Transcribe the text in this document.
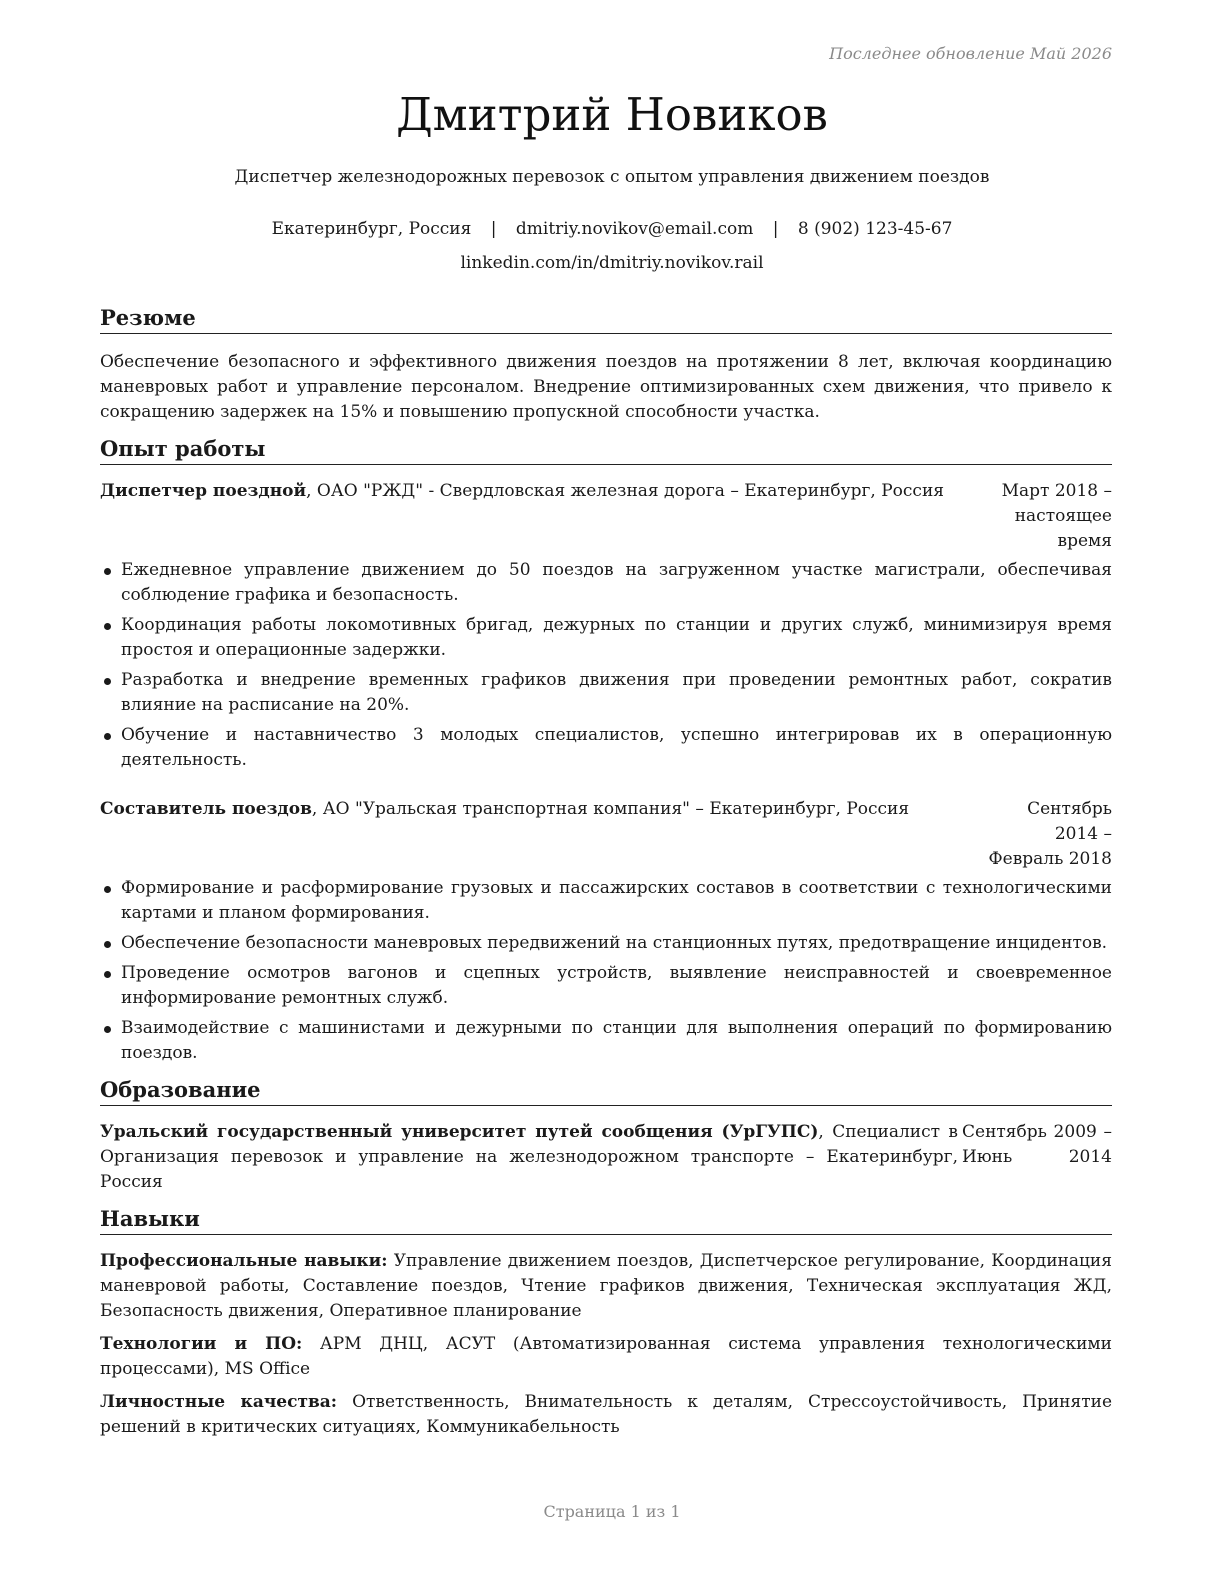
Последнее обновление Май 2026
Дмитрий Новиков
Диспетчер железнодорожных перевозок с опытом управления движением поездов
Екатеринбург, Россия | dmitriy.novikov@email.com | 8 (902) 123-45-67
linkedin.com/in/dmitriy.novikov.rail
Резюме

Обеспечение безопасного и эффективного движения поездов на протяжении 8 лет, включая координацию маневровых работ и управление персоналом. Внедрение оптимизированных схем движения, что привело к сокращению задержек на 15% и повышению пропускной способности участка.

Опыт работы
Диспетчер поездной, ОАО "РЖД" - Свердловская железная дорога – Екатеринбург, Россия	Март 2018 – настоящее время
Ежедневное управление движением до 50 поездов на загруженном участке магистрали, обеспечивая соблюдение графика и безопасность.
Координация работы локомотивных бригад, дежурных по станции и других служб, минимизируя время простоя и операционные задержки.
Разработка и внедрение временных графиков движения при проведении ремонтных работ, сократив влияние на расписание на 20%.
Обучение и наставничество 3 молодых специалистов, успешно интегрировав их в операционную деятельность.
Составитель поездов, АО "Уральская транспортная компания" – Екатеринбург, Россия	Сентябрь 2014 – Февраль 2018
Формирование и расформирование грузовых и пассажирских составов в соответствии с технологическими картами и планом формирования.
Обеспечение безопасности маневровых передвижений на станционных путях, предотвращение инцидентов.
Проведение осмотров вагонов и сцепных устройств, выявление неисправностей и своевременное информирование ремонтных служб.
Взаимодействие с машинистами и дежурными по станции для выполнения операций по формированию поездов.
Образование
Уральский государственный университет путей сообщения (УрГУПС), Специалист в Организация перевозок и управление на железнодорожном транспорте – Екатеринбург, Россия
Сентябрь 2009 – Июнь 2014
Навыки
Профессиональные навыки: Управление движением поездов, Диспетчерское регулирование, Координация маневровой работы, Составление поездов, Чтение графиков движения, Техническая эксплуатация ЖД, Безопасность движения, Оперативное планирование
Технологии и ПО: АРМ ДНЦ, АСУТ (Автоматизированная система управления технологическими процессами), MS Office
Личностные качества: Ответственность, Внимательность к деталям, Стрессоустойчивость, Принятие решений в критических ситуациях, Коммуникабельность
Страница 1 из 1
